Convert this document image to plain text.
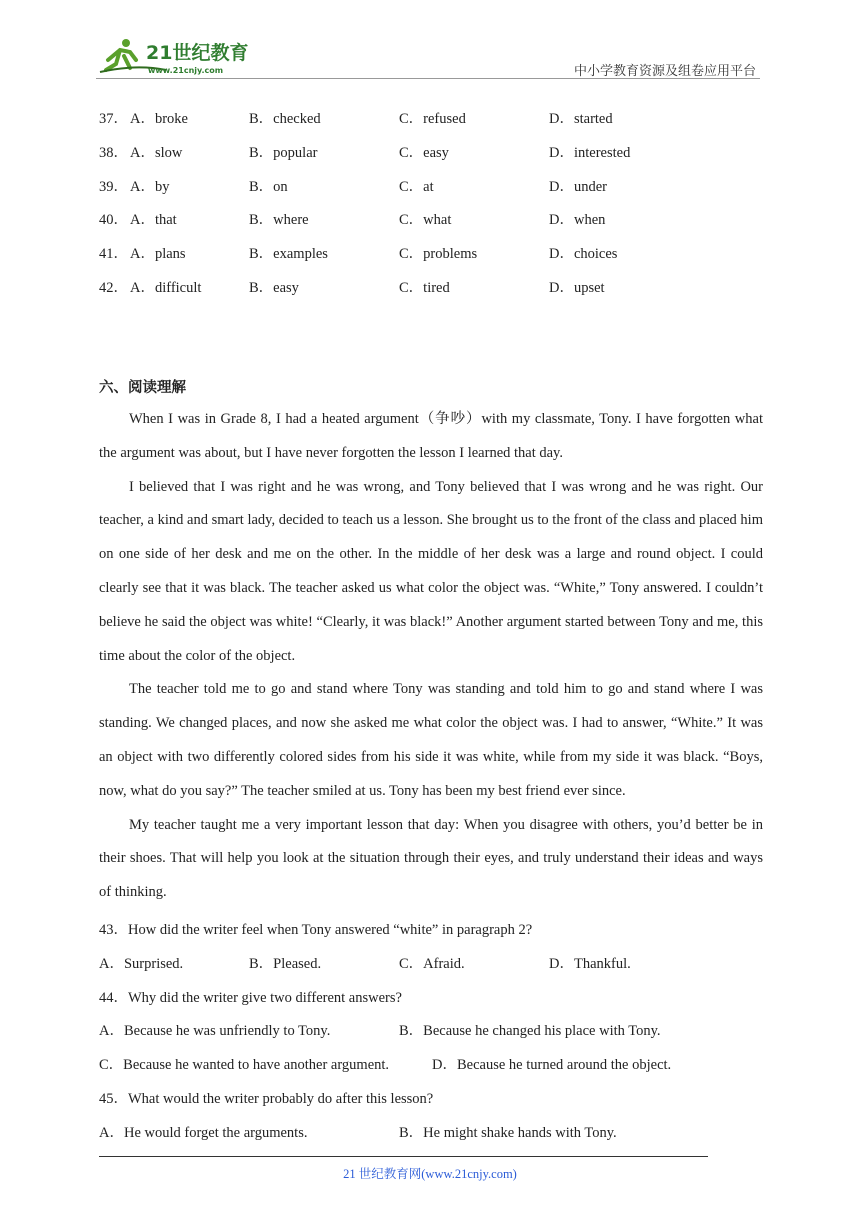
21世纪教育
www.21cnjy.com	中小学教育资源及组卷应用平台
37． A．broke	B．checked	C．refused	D．started
38． A．slow	B．popular	C．easy	D．interested
39． A．by	B．on	C．at	D．under
40． A．that	B．where	C．what	D．when
41． A．plans	B．examples	C．problems	D．choices
42． A．difficult	B．easy	C．tired	D．upset
六、阅读理解

When I was in Grade 8, I had a heated argument（争吵）with my classmate, Tony. I have forgotten what the argument was about, but I have never forgotten the lesson I learned that day.

I believed that I was right and he was wrong, and Tony believed that I was wrong and he was right. Our teacher, a kind and smart lady, decided to teach us a lesson. She brought us to the front of the class and placed him on one side of her desk and me on the other. In the middle of her desk was a large and round object. I could clearly see that it was black. The teacher asked us what color the object was. “White,” Tony answered. I couldn’t believe he said the object was white! “Clearly, it was black!” Another argument started between Tony and me, this time about the color of the object.

The teacher told me to go and stand where Tony was standing and told him to go and stand where I was standing. We changed places, and now she asked me what color the object was. I had to answer, “White.” It was an object with two differently colored sides from his side it was white, while from my side it was black. “Boys, now, what do you say?” The teacher smiled at us. Tony has been my best friend ever since.

My teacher taught me a very important lesson that day: When you disagree with others, you’d better be in their shoes. That will help you look at the situation through their eyes, and truly understand their ideas and ways of thinking.

43．How did the writer feel when Tony answered “white” in paragraph 2?
A．Surprised.	B．Pleased.	C．Afraid.	D．Thankful.
44．Why did the writer give two different answers?
A．Because he was unfriendly to Tony.	B．Because he changed his place with Tony.
C．Because he wanted to have another argument.	D．Because he turned around the object.
45．What would the writer probably do after this lesson?
A．He would forget the arguments.	B．He might shake hands with Tony.
21 世纪教育网(www.21cnjy.com)
